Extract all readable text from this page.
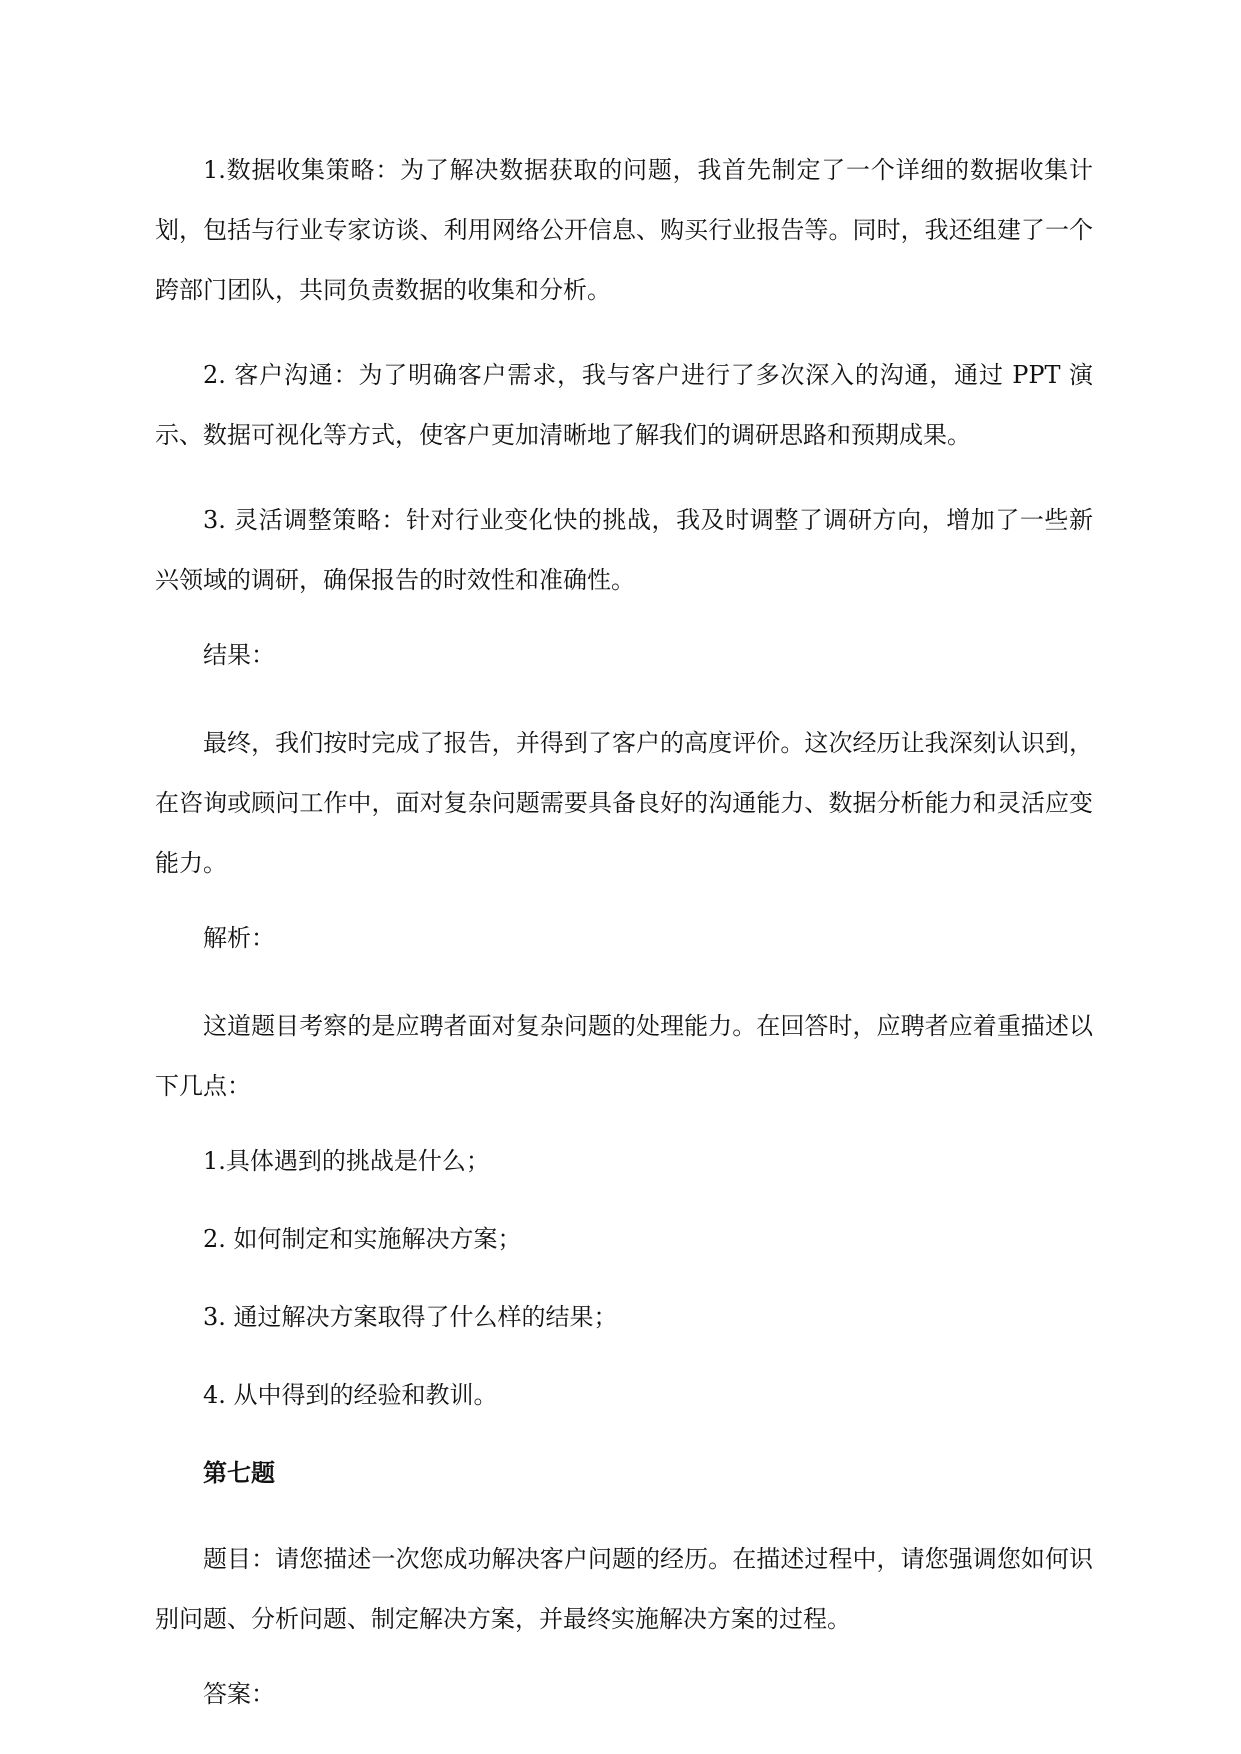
1.数据收集策略：为了解决数据获取的问题，我首先制定了一个详细的数据收集计划，包括与行业专家访谈、利用网络公开信息、购买行业报告等。同时，我还组建了一个跨部门团队，共同负责数据的收集和分析。

2. 客户沟通：为了明确客户需求，我与客户进行了多次深入的沟通，通过 PPT 演示、数据可视化等方式，使客户更加清晰地了解我们的调研思路和预期成果。

3. 灵活调整策略：针对行业变化快的挑战，我及时调整了调研方向，增加了一些新兴领域的调研，确保报告的时效性和准确性。

结果：

最终，我们按时完成了报告，并得到了客户的高度评价。这次经历让我深刻认识到，在咨询或顾问工作中，面对复杂问题需要具备良好的沟通能力、数据分析能力和灵活应变能力。

解析：

这道题目考察的是应聘者面对复杂问题的处理能力。在回答时，应聘者应着重描述以下几点：

1.具体遇到的挑战是什么；

2. 如何制定和实施解决方案；

3. 通过解决方案取得了什么样的结果；

4. 从中得到的经验和教训。

第七题

题目：请您描述一次您成功解决客户问题的经历。在描述过程中，请您强调您如何识别问题、分析问题、制定解决方案，并最终实施解决方案的过程。

答案：
